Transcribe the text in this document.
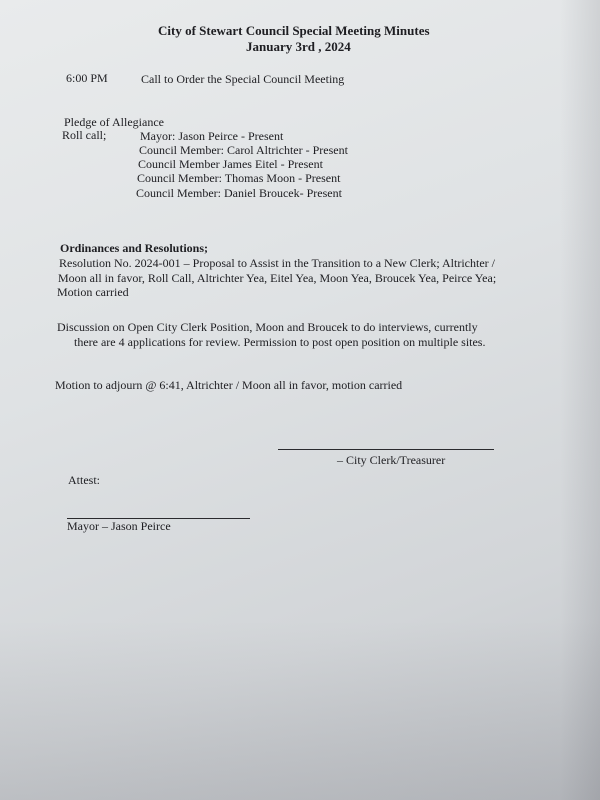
City of Stewart Council Special Meeting Minutes
January 3rd , 2024
6:00 PM	Call to Order the Special Council Meeting
Pledge of Allegiance
Roll call;	Mayor: Jason Peirce - Present
Council Member: Carol Altrichter - Present
Council Member James Eitel - Present
Council Member: Thomas Moon - Present
Council Member: Daniel Broucek- Present
Ordinances and Resolutions;
Resolution No. 2024-001 – Proposal to Assist in the Transition to a New Clerk; Altrichter /
Moon all in favor, Roll Call, Altrichter Yea, Eitel Yea, Moon Yea, Broucek Yea, Peirce Yea;
Motion carried
Discussion on Open City Clerk Position, Moon and Broucek to do interviews, currently
there are 4 applications for review. Permission to post open position on multiple sites.
Motion to adjourn @ 6:41, Altrichter / Moon all in favor, motion carried
– City Clerk/Treasurer
Attest:
Mayor – Jason Peirce
